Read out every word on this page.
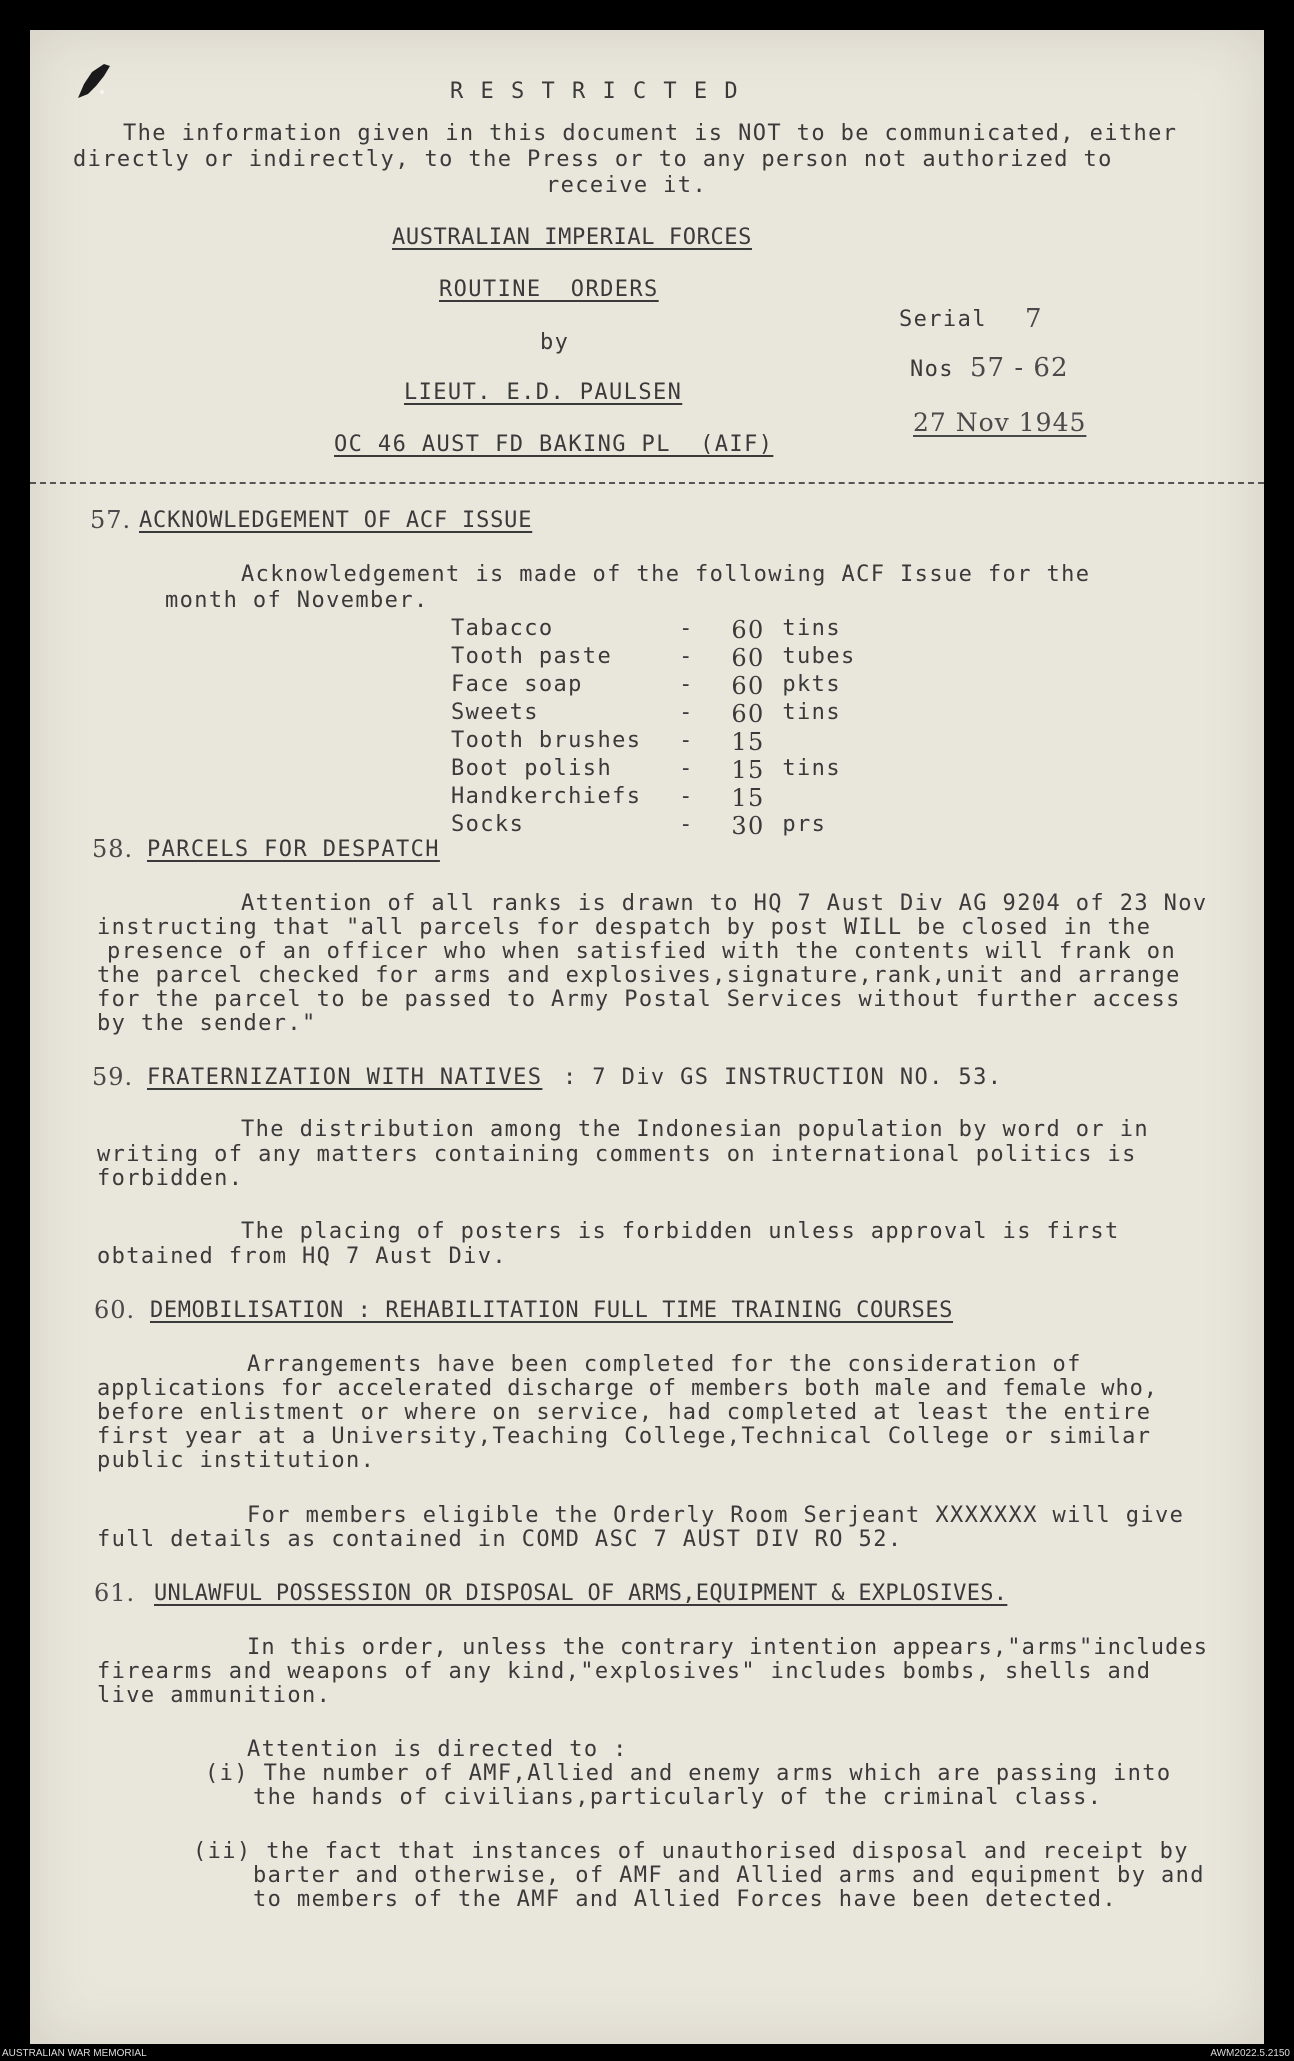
R E S T R I C T E D
The information given in this document is NOT to be communicated, either
directly or indirectly, to the Press or to any person not authorized to
receive it.
AUSTRALIAN IMPERIAL FORCES
ROUTINE  ORDERS
by
LIEUT. E.D. PAULSEN
OC 46 AUST FD BAKING PL  (AIF)
Serial 7
Nos 57 - 62
27 Nov 1945
57. ACKNOWLEDGEMENT OF ACF ISSUE
Acknowledgement is made of the following ACF Issue for the
month of November.
Tabacco	-	60	tins
Tooth paste	-	60	tubes
Face soap	-	60	pkts
Sweets	-	60	tins
Tooth brushes	-	15	
Boot polish	-	15	tins
Handkerchiefs	-	15	
Socks	-	30	prs
58. PARCELS FOR DESPATCH
Attention of all ranks is drawn to HQ 7 Aust Div AG 9204 of 23 Nov
instructing that "all parcels for despatch by post WILL be closed in the
presence of an officer who when satisfied with the contents will frank on
the parcel checked for arms and explosives,signature,rank,unit and arrange
for the parcel to be passed to Army Postal Services without further access
by the sender."
59. FRATERNIZATION WITH NATIVES : 7 Div GS INSTRUCTION NO. 53.
The distribution among the Indonesian population by word or in
writing of any matters containing comments on international politics is
forbidden.
The placing of posters is forbidden unless approval is first
obtained from HQ 7 Aust Div.
60. DEMOBILISATION : REHABILITATION FULL TIME TRAINING COURSES
Arrangements have been completed for the consideration of
applications for accelerated discharge of members both male and female who,
before enlistment or where on service, had completed at least the entire
first year at a University,Teaching College,Technical College or similar
public institution.
For members eligible the Orderly Room Serjeant XXXXXXX will give
full details as contained in COMD ASC 7 AUST DIV RO 52.
61. UNLAWFUL POSSESSION OR DISPOSAL OF ARMS,EQUIPMENT & EXPLOSIVES.
In this order, unless the contrary intention appears,"arms"includes
firearms and weapons of any kind,"explosives" includes bombs, shells and
live ammunition.
Attention is directed to :
(i) The number of AMF,Allied and enemy arms which are passing into
the hands of civilians,particularly of the criminal class.
(ii) the fact that instances of unauthorised disposal and receipt by
barter and otherwise, of AMF and Allied arms and equipment by and
to members of the AMF and Allied Forces have been detected.
AUSTRALIAN WAR MEMORIAL	AWM2022.5.2150
